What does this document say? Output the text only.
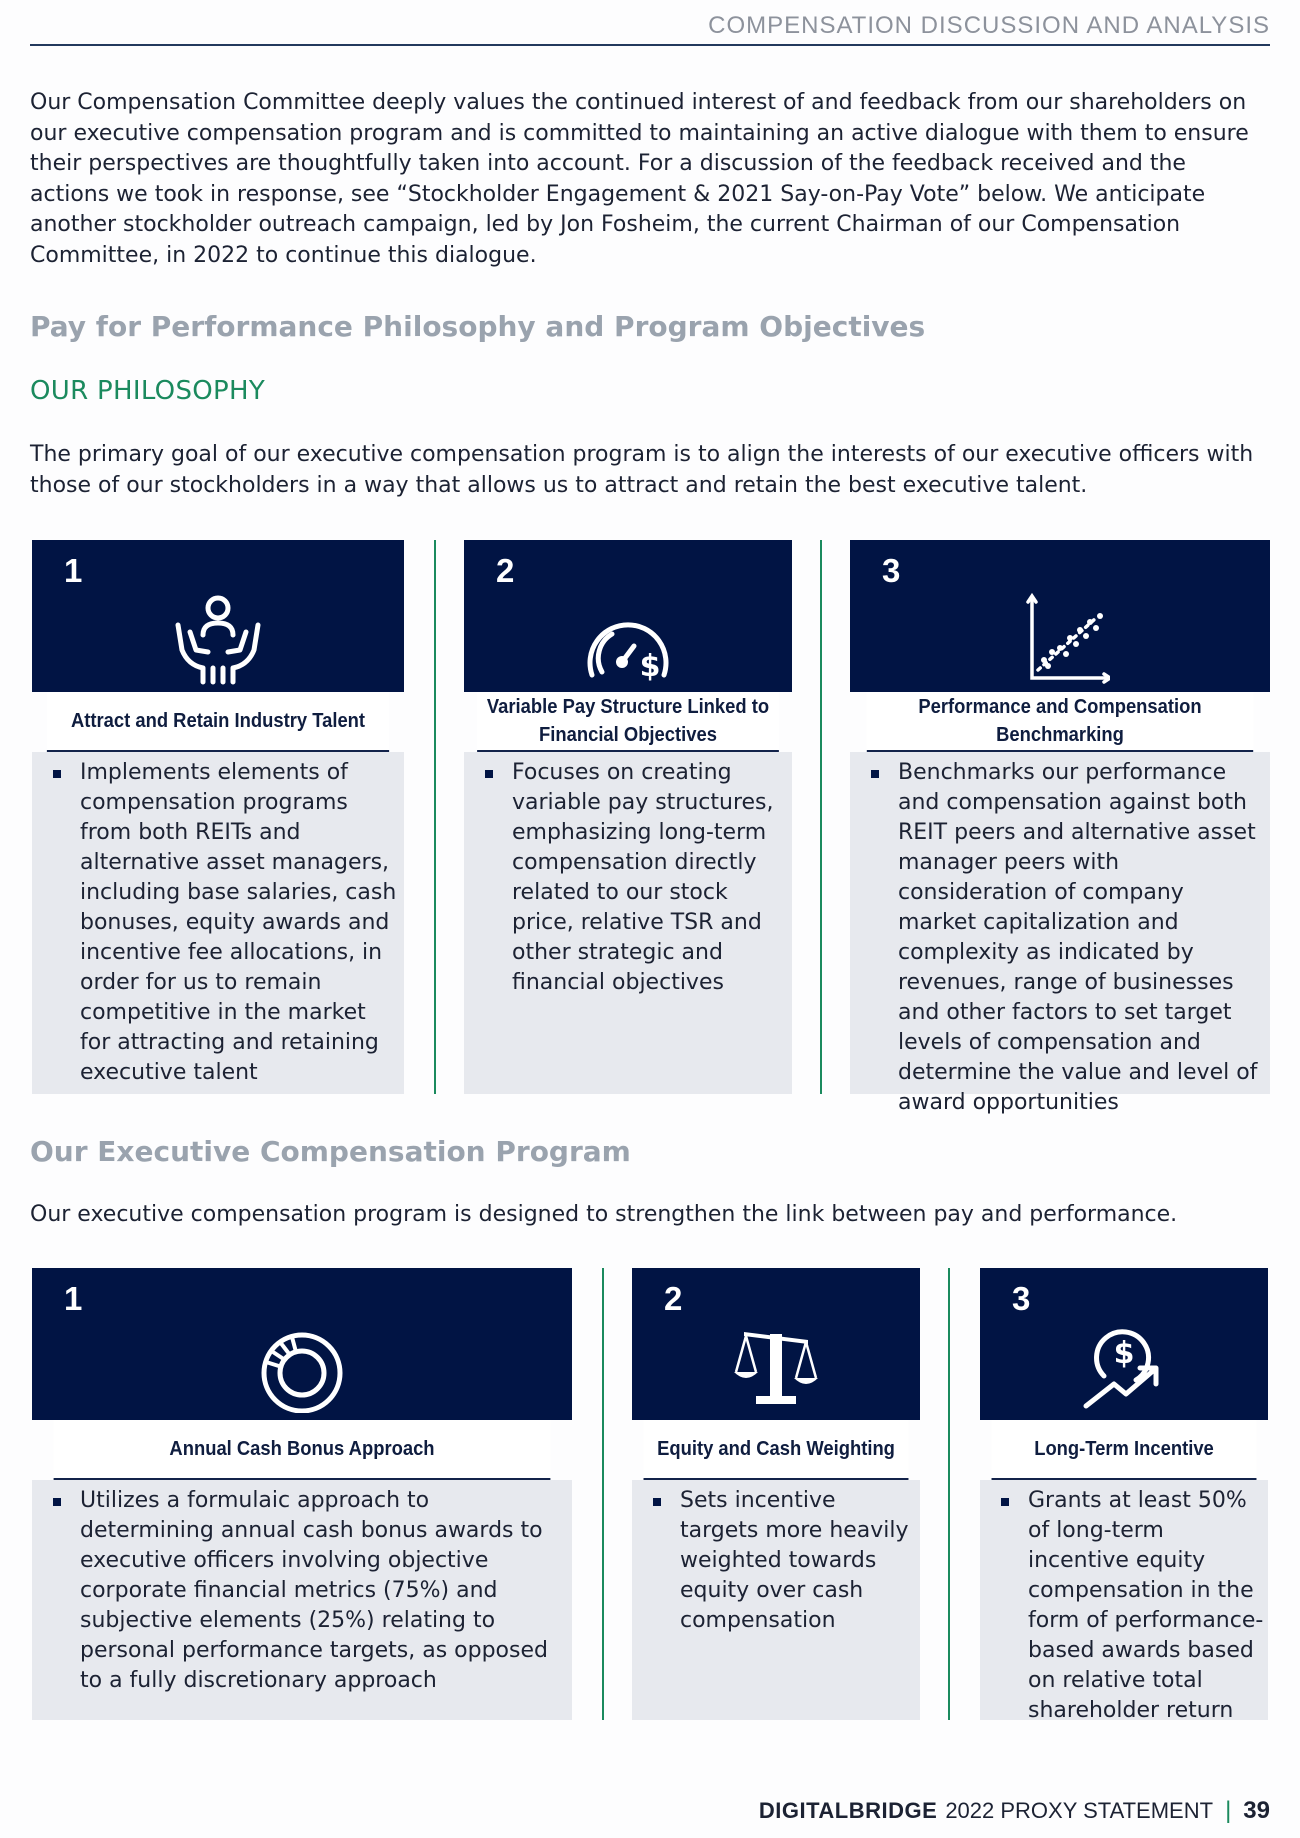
COMPENSATION DISCUSSION AND ANALYSIS

Our Compensation Committee deeply values the continued interest of and feedback from our shareholders on our executive compensation program and is committed to maintaining an active dialogue with them to ensure their perspectives are thoughtfully taken into account. For a discussion of the feedback received and the actions we took in response, see “Stockholder Engagement & 2021 Say-on-Pay Vote” below. We anticipate another stockholder outreach campaign, led by Jon Fosheim, the current Chairman of our Compensation Committee, in 2022 to continue this dialogue.

Pay for Performance Philosophy and Program Objectives
OUR PHILOSOPHY

The primary goal of our executive compensation program is to align the interests of our executive officers with those of our stockholders in a way that allows us to attract and retain the best executive talent.

1
Attract and Retain Industry Talent
Implements elements of compensation programs from both REITs and alternative asset managers, including base salaries, cash bonuses, equity awards and incentive fee allocations, in order for us to remain competitive in the market for attracting and retaining executive talent
2
$
Variable Pay Structure Linked to Financial Objectives
Focuses on creating variable pay structures, emphasizing long-term compensation directly related to our stock price, relative TSR and other strategic and financial objectives
3
Performance and Compensation Benchmarking
Benchmarks our performance and compensation against both REIT peers and alternative asset manager peers with consideration of company market capitalization and complexity as indicated by revenues, range of businesses and other factors to set target levels of compensation and determine the value and level of award opportunities
Our Executive Compensation Program

Our executive compensation program is designed to strengthen the link between pay and performance.

1
Annual Cash Bonus Approach
Utilizes a formulaic approach to determining annual cash bonus awards to executive officers involving objective corporate financial metrics (75%) and subjective elements (25%) relating to personal performance targets, as opposed to a fully discretionary approach
2
Equity and Cash Weighting
Sets incentive targets more heavily weighted towards equity over cash compensation
3
$
Long-Term Incentive
Grants at least 50% of long-term incentive equity compensation in the form of performance-based awards based on relative total shareholder return
DIGITALBRIDGE 2022 PROXY STATEMENT | 39
